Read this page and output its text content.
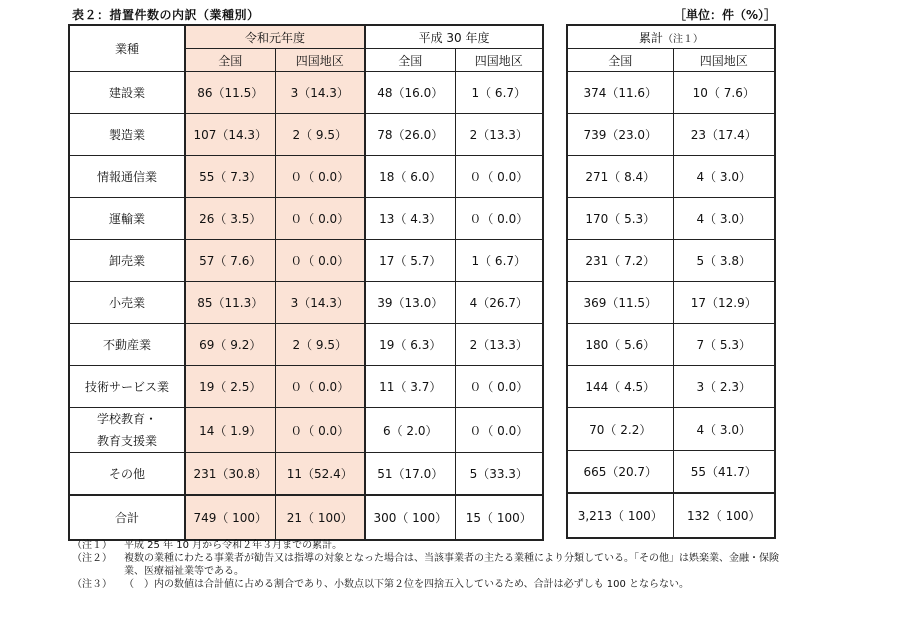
表２：措置件数の内訳（業種別）	［単位：件（%）］
業種	令和元年度		平成 30 年度	
	全国	四国地区	全国	四国地区
建設業	86（11.5）	3（14.3）	48（16.0）	1（ 6.7）
製造業	107（14.3）	2（ 9.5）	78（26.0）	2（13.3）
情報通信業	55（ 7.3）	０（ 0.0）	18（ 6.0）	０（ 0.0）
運輸業	26（ 3.5）	０（ 0.0）	13（ 4.3）	０（ 0.0）
卸売業	57（ 7.6）	０（ 0.0）	17（ 5.7）	1（ 6.7）
小売業	85（11.3）	3（14.3）	39（13.0）	4（26.7）
不動産業	69（ 9.2）	2（ 9.5）	19（ 6.3）	2（13.3）
技術サービス業	19（ 2.5）	０（ 0.0）	11（ 3.7）	０（ 0.0）

学校教育・
教育支援業	14（ 1.9）	０（ 0.0）	6（ 2.0）	０（ 0.0）
その他	231（30.8）	11（52.4）	51（17.0）	5（33.3）
合計	749（ 100）	21（ 100）	300（ 100）	15（ 100）
累計（注１）	
全国	四国地区
374（11.6）	10（ 7.6）
739（23.0）	23（17.4）
271（ 8.4）	4（ 3.0）
170（ 5.3）	4（ 3.0）
231（ 7.2）	5（ 3.8）
369（11.5）	17（12.9）
180（ 5.6）	7（ 5.3）
144（ 4.5）	3（ 2.3）
70（ 2.2）	4（ 3.0）
665（20.7）	55（41.7）
3,213（ 100）	132（ 100）
（注１）	平成 25 年 10 月から令和２年３月までの累計。
（注２）	複数の業種にわたる事業者が勧告又は指導の対象となった場合は、当該事業者の主たる業種により分類している。「その他」は娯楽業、金融・保険業、医療福祉業等である。
（注３）	（　）内の数値は合計値に占める割合であり、小数点以下第２位を四捨五入しているため、合計は必ずしも 100 とならない。
